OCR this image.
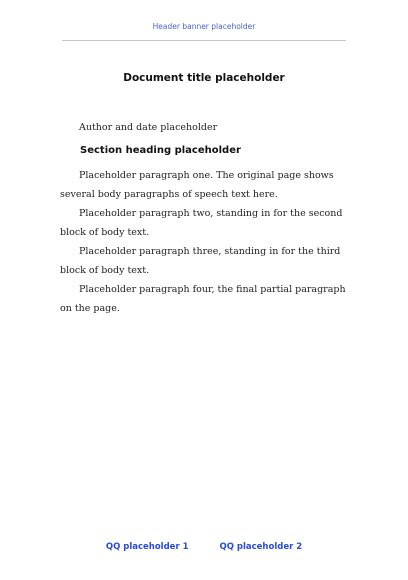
Header banner placeholder
Document title placeholder

Author and date placeholder

Section heading placeholder

Placeholder paragraph one. The original page shows several body paragraphs of speech text here.

Placeholder paragraph two, standing in for the second block of body text.

Placeholder paragraph three, standing in for the third block of body text.

Placeholder paragraph four, the final partial paragraph on the page.

QQ placeholder 1	QQ placeholder 2
